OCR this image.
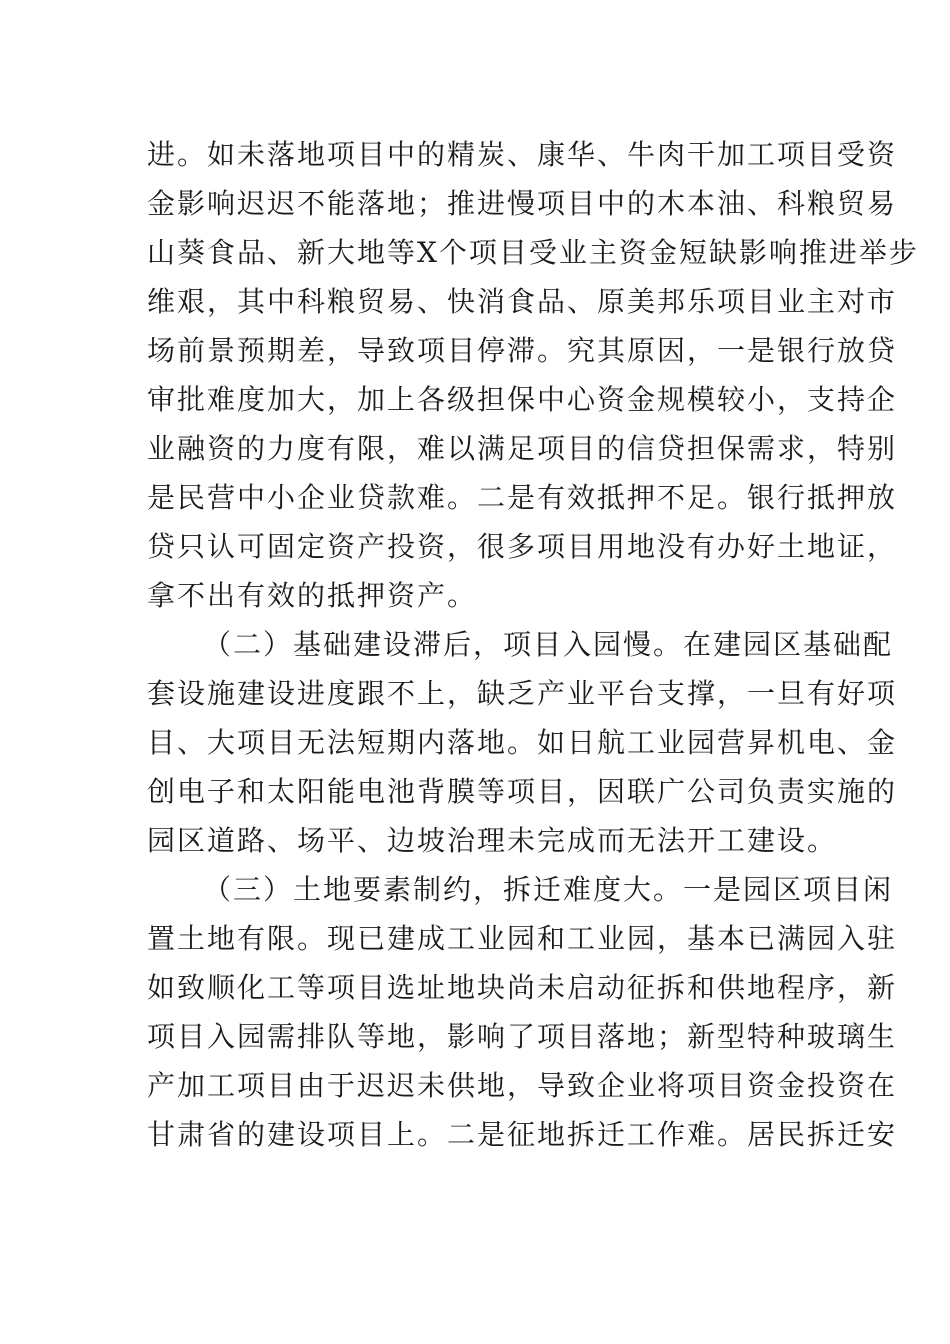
进。如未落地项目中的精炭、康华、牛肉干加工项目受资
金影响迟迟不能落地；推进慢项目中的木本油、科粮贸易
山葵食品、新大地等X个项目受业主资金短缺影响推进举步
维艰，其中科粮贸易、快消食品、原美邦乐项目业主对市
场前景预期差，导致项目停滞。究其原因，一是银行放贷
审批难度加大，加上各级担保中心资金规模较小，支持企
业融资的力度有限，难以满足项目的信贷担保需求，特别
是民营中小企业贷款难。二是有效抵押不足。银行抵押放
贷只认可固定资产投资，很多项目用地没有办好土地证，
拿不出有效的抵押资产。
（二）基础建设滞后，项目入园慢。在建园区基础配
套设施建设进度跟不上，缺乏产业平台支撑，一旦有好项
目、大项目无法短期内落地。如日航工业园营昇机电、金
创电子和太阳能电池背膜等项目，因联广公司负责实施的
园区道路、场平、边坡治理未完成而无法开工建设。
（三）土地要素制约，拆迁难度大。一是园区项目闲
置土地有限。现已建成工业园和工业园，基本已满园入驻
如致顺化工等项目选址地块尚未启动征拆和供地程序，新
项目入园需排队等地，影响了项目落地；新型特种玻璃生
产加工项目由于迟迟未供地，导致企业将项目资金投资在
甘肃省的建设项目上。二是征地拆迁工作难。居民拆迁安
